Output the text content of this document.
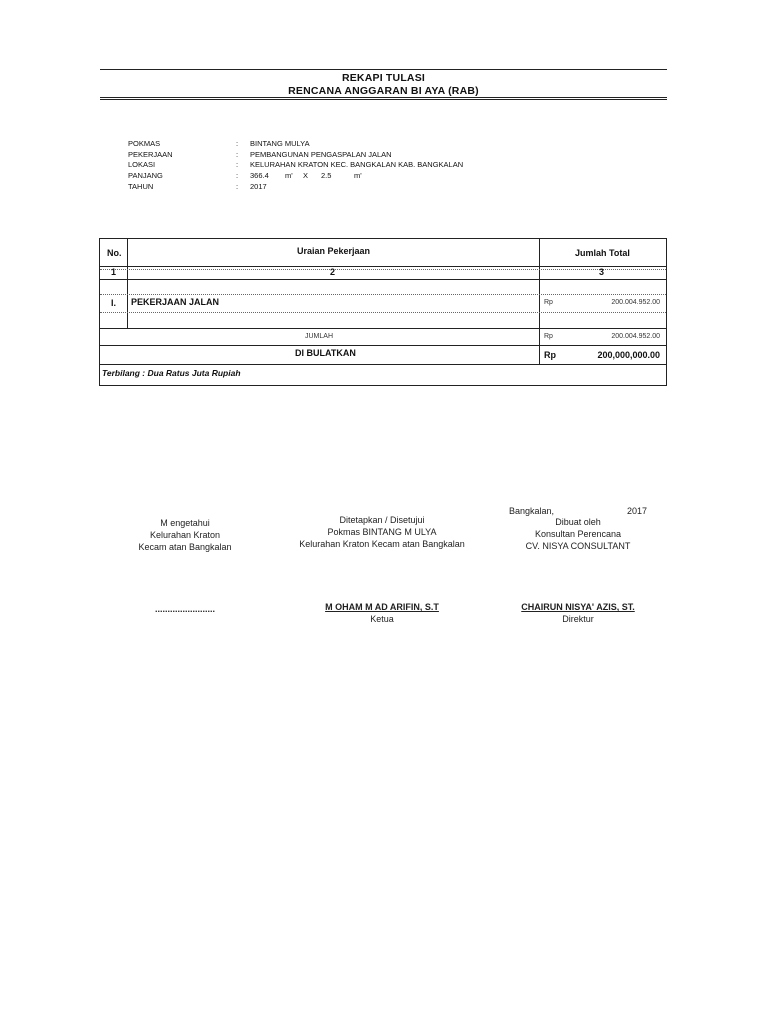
REKAPI TULASI
RENCANA ANGGARAN BI AYA (RAB)
POKMAS	: BINTANG MULYA
PEKERJAAN	: PEMBANGUNAN PENGASPALAN JALAN
LOKASI	: KELURAHAN KRATON KEC. BANGKALAN KAB. BANGKALAN
PANJANG	: 366.4 m' X 2.5	m'
TAHUN	: 2017
No.	Uraian Pekerjaan	Jumlah Total
1	2	3
I. PEKERJAAN JALAN	Rp	200.004.952.00
JUMLAH	Rp	200.004.952.00
DI BULATKAN	Rp	200,000,000.00
Terbilang : Dua Ratus Juta Rupiah
Bangkalan,	2017
M engetahui
Kelurahan Kraton
Kecam atan Bangkalan
........................
Ditetapkan / Disetujui
Pokmas BINTANG M ULYA
Kelurahan Kraton Kecam atan Bangkalan
M OHAM M AD ARIFIN, S.T
Ketua
Dibuat oleh
Konsultan Perencana
CV. NISYA CONSULTANT
CHAIRUN NISYA' AZIS, ST.
Direktur
